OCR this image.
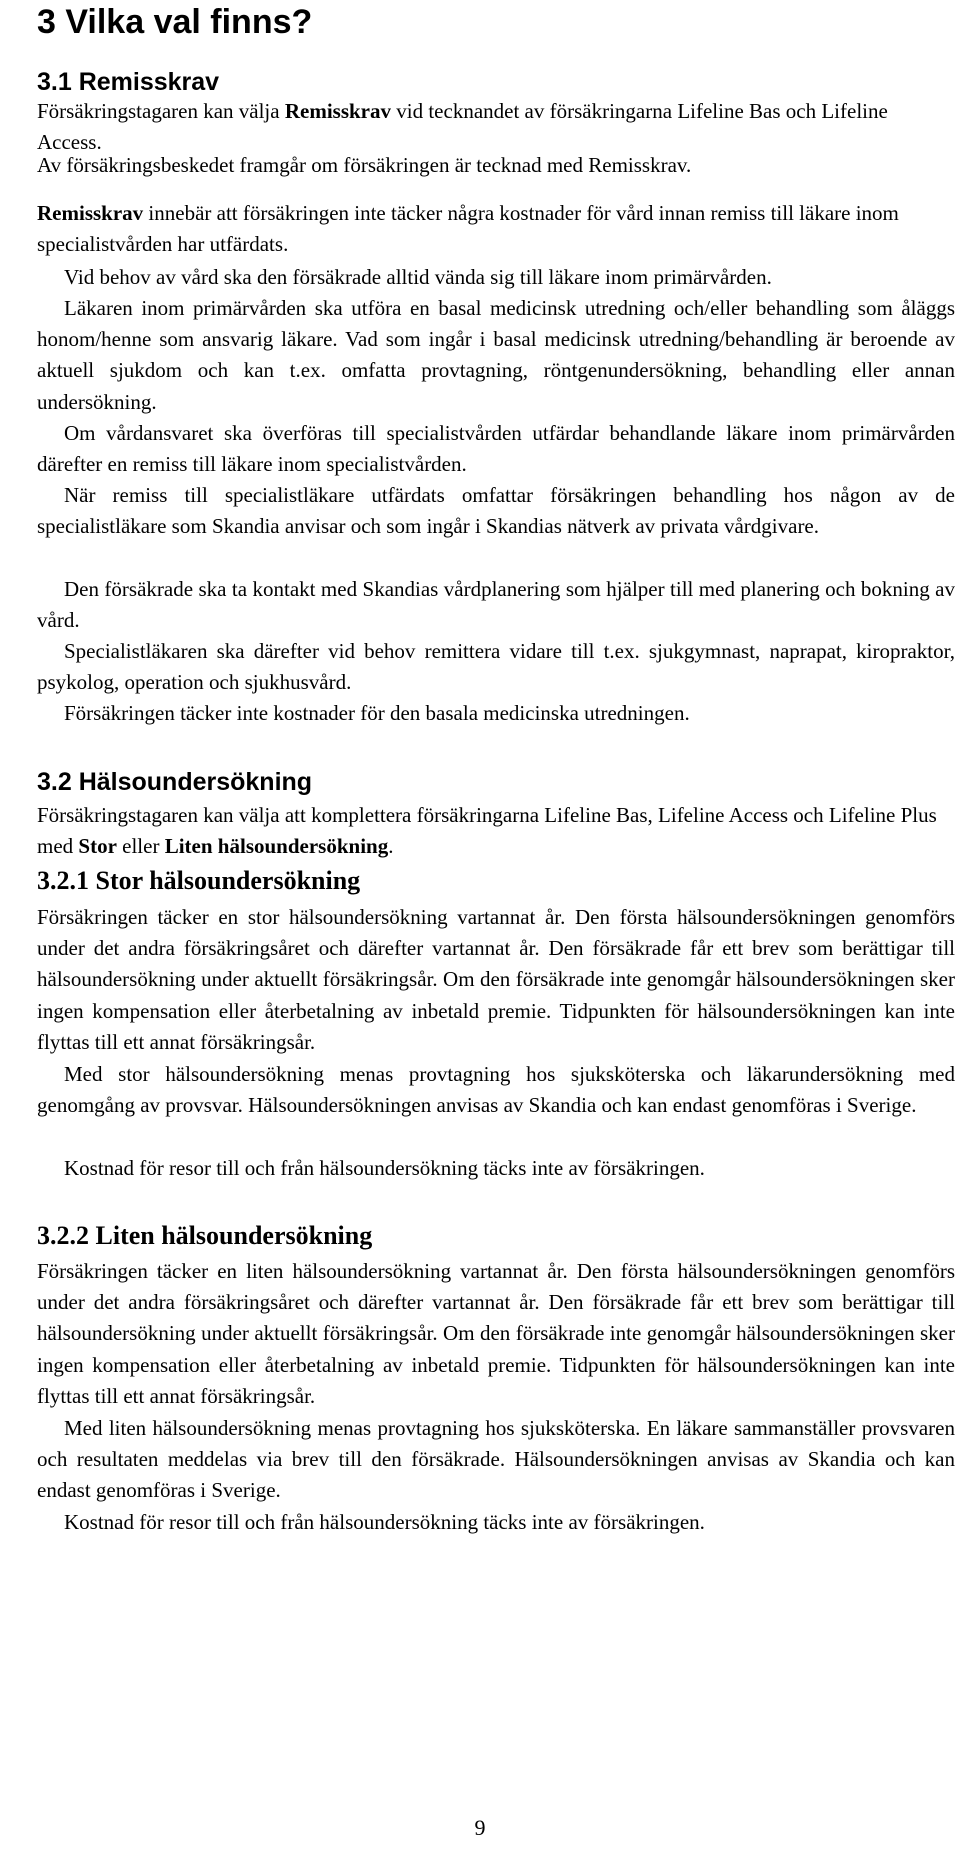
3 Vilka val finns?
3.1 Remisskrav

Försäkringstagaren kan välja Remisskrav vid tecknandet av försäkringarna Lifeline Bas och Lifeline Access.

Av försäkringsbeskedet framgår om försäkringen är tecknad med Remisskrav.

Remisskrav innebär att försäkringen inte täcker några kostnader för vård innan remiss till läkare inom specialistvården har utfärdats.

Vid behov av vård ska den försäkrade alltid vända sig till läkare inom primärvården.

Läkaren inom primärvården ska utföra en basal medicinsk utredning och/eller behandling som åläggs honom/henne som ansvarig läkare. Vad som ingår i basal medicinsk utredning/behandling är beroende av aktuell sjukdom och kan t.ex. omfatta provtagning, röntgenundersökning, behandling eller annan undersökning.

Om vårdansvaret ska överföras till specialistvården utfärdar behandlande läkare inom primärvården därefter en remiss till läkare inom specialistvården.

När remiss till specialistläkare utfärdats omfattar försäkringen behandling hos någon av de specialistläkare som Skandia anvisar och som ingår i Skandias nätverk av privata vårdgivare.

Den försäkrade ska ta kontakt med Skandias vårdplanering som hjälper till med planering och bokning av vård.

Specialistläkaren ska därefter vid behov remittera vidare till t.ex. sjukgymnast, naprapat, kiropraktor, psykolog, operation och sjukhusvård.

Försäkringen täcker inte kostnader för den basala medicinska utredningen.

3.2 Hälsoundersökning

Försäkringstagaren kan välja att komplettera försäkringarna Lifeline Bas, Lifeline Access och Lifeline Plus med Stor eller Liten hälsoundersökning.

3.2.1 Stor hälsoundersökning

Försäkringen täcker en stor hälsoundersökning vartannat år. Den första hälsoundersökningen genomförs under det andra försäkringsåret och därefter vartannat år. Den försäkrade får ett brev som berättigar till hälsoundersökning under aktuellt försäkringsår. Om den försäkrade inte genomgår hälsoundersökningen sker ingen kompensation eller återbetalning av inbetald premie. Tidpunkten för hälsoundersökningen kan inte flyttas till ett annat försäkringsår.

Med stor hälsoundersökning menas provtagning hos sjuksköterska och läkarundersökning med genomgång av provsvar. Hälsoundersökningen anvisas av Skandia och kan endast genomföras i Sverige.

Kostnad för resor till och från hälsoundersökning täcks inte av försäkringen.

3.2.2 Liten hälsoundersökning

Försäkringen täcker en liten hälsoundersökning vartannat år. Den första hälsoundersökningen genomförs under det andra försäkringsåret och därefter vartannat år. Den försäkrade får ett brev som berättigar till hälsoundersökning under aktuellt försäkringsår. Om den försäkrade inte genomgår hälsoundersökningen sker ingen kompensation eller återbetalning av inbetald premie. Tidpunkten för hälsoundersökningen kan inte flyttas till ett annat försäkringsår.

Med liten hälsoundersökning menas provtagning hos sjuksköterska. En läkare sammanställer provsvaren och resultaten meddelas via brev till den försäkrade. Hälsoundersökningen anvisas av Skandia och kan endast genomföras i Sverige.

Kostnad för resor till och från hälsoundersökning täcks inte av försäkringen.

9
